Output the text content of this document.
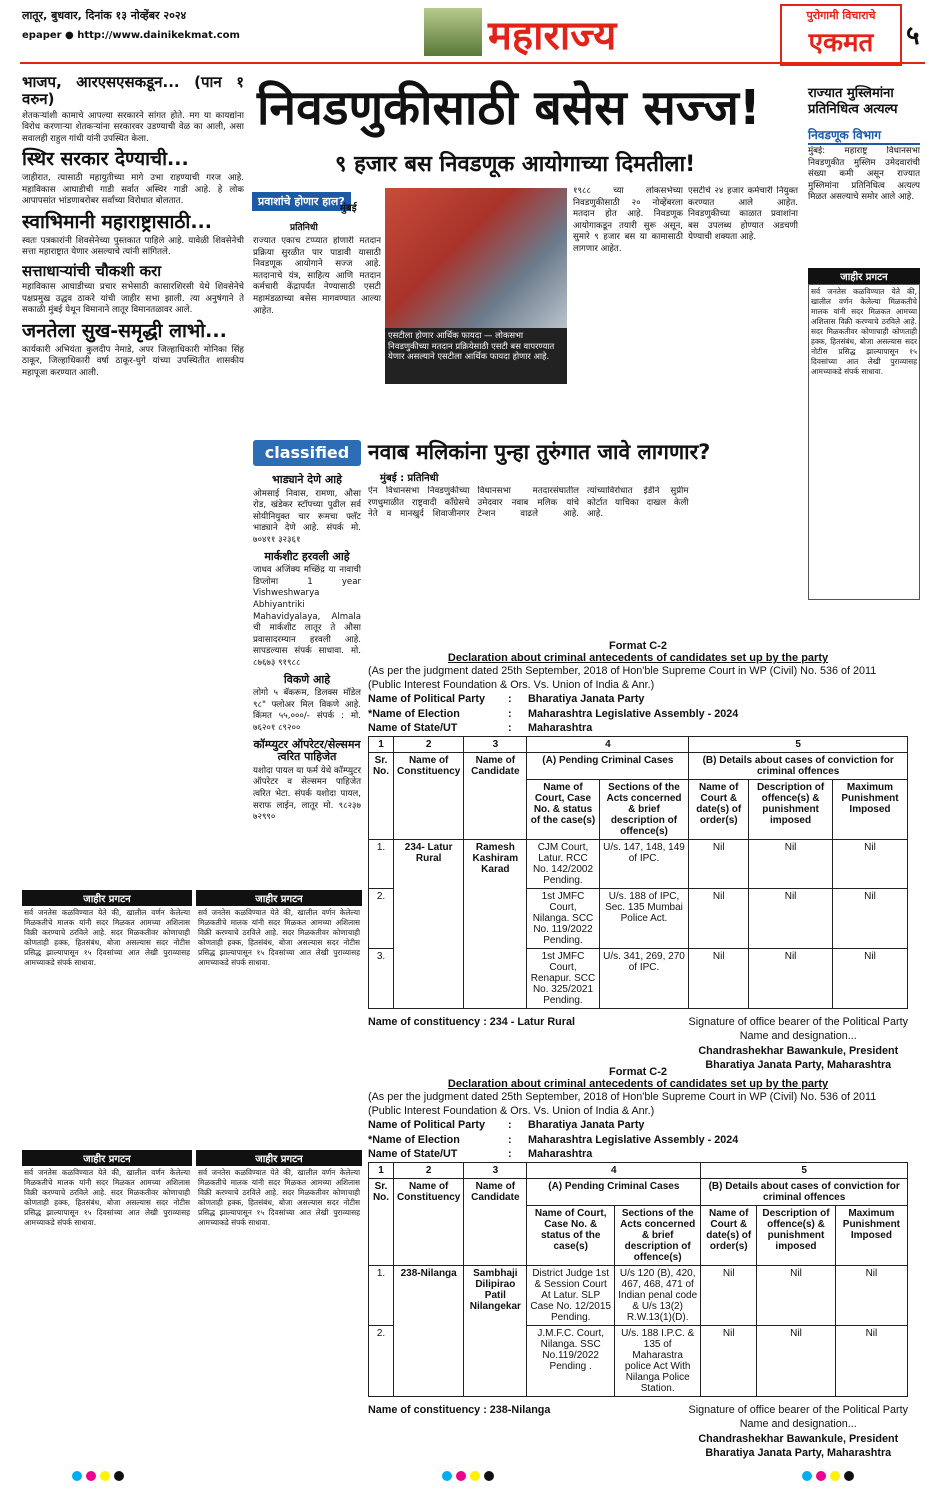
लातूर, बुधवार, दिनांक १३ नोव्हेंबर २०२४
epaper ● http://www.dainikekmat.com	महाराज्य	पुरोगामी विचाराचे
एकमत	५
भाजप, आरएसएसकडून... (पान १ वरुन)

शेतकऱ्यांशी कामाचे आपल्या सरकारने सांगत होते. मग या कायद्यांना विरोध करणाऱ्या शेतकऱ्यांना सरकारवर उडण्याची वेळ का आली, असा सवालही राहुल गांधी यांनी उपस्थित केला.

स्थिर सरकार देण्याची...

जाहीरात, त्यासाठी महायुतीच्या मागे उभा राहण्याची गरज आहे. महाविकास आघाडीची गाडी सर्वात अस्थिर गाडी आहे. हे लोक आपापसांत भांडणाबरोबर सर्वांच्या विरोधात बोलतात.

स्वाभिमानी महाराष्ट्रासाठी...

स्वतः पत्रकारांनी शिवसेनेच्या पुस्तकात पाहिले आहे. यावेळी शिवसेनेची सत्ता महाराष्ट्रात येणार असल्याचे त्यांनी सांगितले.

सत्ताधाऱ्यांची चौकशी करा

महाविकास आघाडीच्या प्रचार सभेसाठी कासारशिरसी येथे शिवसेनेचे पक्षप्रमुख उद्धव ठाकरे यांची जाहीर सभा झाली. त्या अनुषंगाने ते सकाळी मुंबई येथून विमानाने लातूर विमानतळावर आले.

जनतेला सुख-समृद्धी लाभो...

कार्यकारी अभियंता कुलदीप नेमाडे, अपर जिल्हाधिकारी मोनिका सिंह ठाकूर, जिल्हाधिकारी वर्षा ठाकूर-घुगे यांच्या उपस्थितीत शासकीय महापूजा करण्यात आली.

निवडणुकीसाठी बसेस सज्ज!
९ हजार बस निवडणूक आयोगाच्या दिमतीला!
प्रवाशांचे होणार हाल?
मुंबई
प्रतिनिधी
राज्यात एकाच टप्प्यात होणारी मतदान प्रक्रिया सुरळीत पार पाडावी यासाठी निवडणूक आयोगाने सज्ज आहे. मतदानाचे यंत्र, साहित्य आणि मतदान कर्मचारी केंद्रापर्यंत नेण्यासाठी एसटी महामंडळाच्या बसेस मागवण्यात आल्या आहेत.
एसटीला होणार आर्थिक फायदा — लोकसभा निवडणुकीच्या मतदान प्रक्रियेसाठी एसटी बस वापरण्यात येणार असल्याने एसटीला आर्थिक फायदा होणार आहे.
१९८८ च्या लोकसभेच्या निवडणुकीसाठी २० नोव्हेंबरला मतदान होत आहे. निवडणूक आयोगाकडून तयारी सुरू असून, सुमारे ९ हजार बस या कामासाठी लागणार आहेत.
एसटीचे २४ हजार कर्मचारी नियुक्त करण्यात आले आहेत. निवडणुकीच्या काळात प्रवाशांना बस उपलब्ध होण्यात अडचणी येण्याची शक्यता आहे.
राज्यात मुस्लिमांना प्रतिनिधित्व अत्यल्प
निवडणूक विभाग
मुंबई: महाराष्ट्र विधानसभा निवडणुकीत मुस्लिम उमेदवारांची संख्या कमी असून राज्यात मुस्लिमांना प्रतिनिधित्व अत्यल्प मिळत असल्याचे समोर आले आहे.
जाहीर प्रगटन
सर्व जनतेस कळविण्यात येते की, खालील वर्णन केलेल्या मिळकतीचे मालक यांनी सदर मिळकत आमच्या अशिलास विक्री करण्याचे ठरविले आहे. सदर मिळकतीवर कोणाचाही कोणताही हक्क, हितसंबंध, बोजा असल्यास सदर नोटीस प्रसिद्ध झाल्यापासून १५ दिवसांच्या आत लेखी पुराव्यासह आमच्याकडे संपर्क साधावा.
नवाब मलिकांना पुन्हा तुरुंगात जावे लागणार?
मुंबई : प्रतिनिधी
ऐन विधानसभा निवडणुकीच्या रणधुमाळीत राष्ट्रवादी काँग्रेसचे नेते व मानखुर्द शिवाजीनगर विधानसभा मतदारसंघातील उमेदवार नवाब मलिक यांचे टेन्शन वाढले आहे. त्यांच्याविरोधात ईडीने सुप्रीम कोर्टात याचिका दाखल केली आहे.
classified
भाड्याने देणे आहे

ओमसाई निवास, रामणा, औसा रोड, खंडेकर स्टॉपच्या पुढील सर्व सोयीनियुक्त चार रूमचा फ्लॅट भाड्याने देणे आहे. संपर्क मो. ७०४११ ३२३६१

मार्कशीट हरवली आहे

जाधव अजिंक्य मच्छिंद्र या नावाची डिप्लोमा 1 year Vishweshwarya Abhiyantriki Mahavidyalaya, Almala ची मार्कशीट लातूर ते औसा प्रवासादरम्यान हरवली आहे. सापडल्यास संपर्क साधावा. मो. ८७६७३ ९१९८८

विकणे आहे

लोगो ५ बॅकरूम, डिलक्स मॉडेल ९८" फ्लोअर मिल विकणे आहे. किंमत ५५,०००/- संपर्क : मो. ७६२०१ ८९२००

कॉम्प्युटर ऑपरेटर/सेल्समन त्वरित पाहिजेत

यशोदा पायल या फर्म येथे कॉम्प्युटर ऑपरेटर व सेल्समन पाहिजेत त्वरित भेटा. संपर्क यशोदा पायल, सराफ लाईन, लातूर मो. ९८२३७ ७२९९०

जाहीर प्रगटन
सर्व जनतेस कळविण्यात येते की, खालील वर्णन केलेल्या मिळकतीचे मालक यांनी सदर मिळकत आमच्या अशिलास विक्री करण्याचे ठरविले आहे. सदर मिळकतीवर कोणाचाही कोणताही हक्क, हितसंबंध, बोजा असल्यास सदर नोटीस प्रसिद्ध झाल्यापासून १५ दिवसांच्या आत लेखी पुराव्यासह आमच्याकडे संपर्क साधावा.
जाहीर प्रगटन
सर्व जनतेस कळविण्यात येते की, खालील वर्णन केलेल्या मिळकतीचे मालक यांनी सदर मिळकत आमच्या अशिलास विक्री करण्याचे ठरविले आहे. सदर मिळकतीवर कोणाचाही कोणताही हक्क, हितसंबंध, बोजा असल्यास सदर नोटीस प्रसिद्ध झाल्यापासून १५ दिवसांच्या आत लेखी पुराव्यासह आमच्याकडे संपर्क साधावा.
जाहीर प्रगटन
सर्व जनतेस कळविण्यात येते की, खालील वर्णन केलेल्या मिळकतीचे मालक यांनी सदर मिळकत आमच्या अशिलास विक्री करण्याचे ठरविले आहे. सदर मिळकतीवर कोणाचाही कोणताही हक्क, हितसंबंध, बोजा असल्यास सदर नोटीस प्रसिद्ध झाल्यापासून १५ दिवसांच्या आत लेखी पुराव्यासह आमच्याकडे संपर्क साधावा.
जाहीर प्रगटन
सर्व जनतेस कळविण्यात येते की, खालील वर्णन केलेल्या मिळकतीचे मालक यांनी सदर मिळकत आमच्या अशिलास विक्री करण्याचे ठरविले आहे. सदर मिळकतीवर कोणाचाही कोणताही हक्क, हितसंबंध, बोजा असल्यास सदर नोटीस प्रसिद्ध झाल्यापासून १५ दिवसांच्या आत लेखी पुराव्यासह आमच्याकडे संपर्क साधावा.
Format C-2
Declaration about criminal antecedents of candidates set up by the party
(As per the judgment dated 25th September, 2018 of Hon'ble Supreme Court in WP (Civil) No. 536 of 2011 (Public Interest Foundation & Ors. Vs. Union of India & Anr.)
Name of Political Party	:	Bharatiya Janata Party
*Name of Election	:	Maharashtra Legislative Assembly - 2024
Name of State/UT	:	Maharashtra
1	2	3	4		5		
Sr. No.	Name of Constituency	Name of Candidate	(A) Pending Criminal Cases		(B) Details about cases of conviction for criminal offences		
			Name of Court, Case No. & status of the case(s)	Sections of the Acts concerned & brief description of offence(s)	Name of Court & date(s) of order(s)	Description of offence(s) & punishment imposed	Maximum Punishment Imposed
1.	234- Latur Rural	Ramesh Kashiram Karad	CJM Court, Latur. RCC No. 142/2002 Pending.	U/s. 147, 148, 149 of IPC.	Nil	Nil	Nil
2.			1st JMFC Court, Nilanga. SCC No. 119/2022 Pending.	U/s. 188 of IPC, Sec. 135 Mumbai Police Act.	Nil	Nil	Nil
3.			1st JMFC Court, Renapur. SCC No. 325/2021 Pending.	U/s. 341, 269, 270 of IPC.	Nil	Nil	Nil
Name of constituency : 234 - Latur Rural	Signature of office bearer of the Political Party
Name and designation...
Chandrashekhar Bawankule, President
Bharatiya Janata Party, Maharashtra
Format C-2
Declaration about criminal antecedents of candidates set up by the party
(As per the judgment dated 25th September, 2018 of Hon'ble Supreme Court in WP (Civil) No. 536 of 2011 (Public Interest Foundation & Ors. Vs. Union of India & Anr.)
Name of Political Party	:	Bharatiya Janata Party
*Name of Election	:	Maharashtra Legislative Assembly - 2024
Name of State/UT	:	Maharashtra
1	2	3	4		5		
Sr. No.	Name of Constituency	Name of Candidate	(A) Pending Criminal Cases		(B) Details about cases of conviction for criminal offences		
			Name of Court, Case No. & status of the case(s)	Sections of the Acts concerned & brief description of offence(s)	Name of Court & date(s) of order(s)	Description of offence(s) & punishment imposed	Maximum Punishment Imposed
1.	238-Nilanga	Sambhaji Dilipirao Patil Nilangekar	District Judge 1st & Session Court At Latur. SLP Case No. 12/2015 Pending.	U/s 120 (B), 420, 467, 468, 471 of Indian penal code & U/s 13(2) R.W.13(1)(D).	Nil	Nil	Nil
2.			J.M.F.C. Court, Nilanga. SSC No.119/2022 Pending .	U/s. 188 I.P.C. & 135 of Maharastra police Act With Nilanga Police Station.	Nil	Nil	Nil
Name of constituency : 238-Nilanga	Signature of office bearer of the Political Party
Name and designation...
Chandrashekhar Bawankule, President
Bharatiya Janata Party, Maharashtra
